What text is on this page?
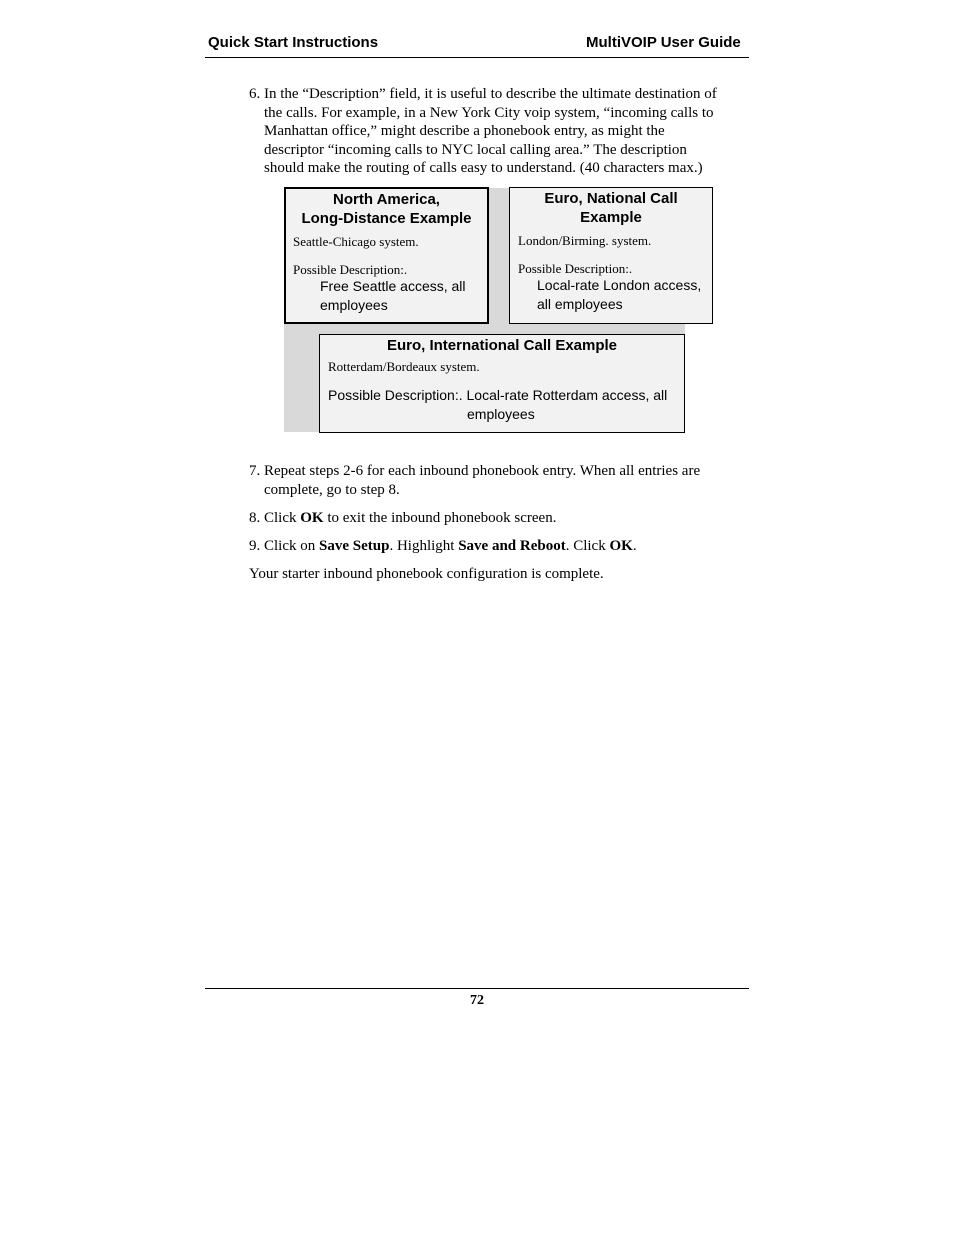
Quick Start Instructions	MultiVOIP User Guide
6. In the “Description” field, it is useful to describe the ultimate destination of
the calls. For example, in a New York City voip system, “incoming calls to
Manhattan office,” might describe a phonebook entry, as might the
descriptor “incoming calls to NYC local calling area.” The description
should make the routing of calls easy to understand. (40 characters max.)
North America,
Long-Distance Example
Seattle-Chicago system.
Possible Description:.
Free Seattle access, all
employees
Euro, National Call
Example
London/Birming. system.
Possible Description:.
Local-rate London access,
all employees
Euro, International Call Example
Rotterdam/Bordeaux system.
Possible Description:. Local-rate Rotterdam access, all
employees
7. Repeat steps 2-6 for each inbound phonebook entry. When all entries are
complete, go to step 8.
8. Click OK to exit the inbound phonebook screen.
9. Click on Save Setup. Highlight Save and Reboot. Click OK.
Your starter inbound phonebook configuration is complete.
72
